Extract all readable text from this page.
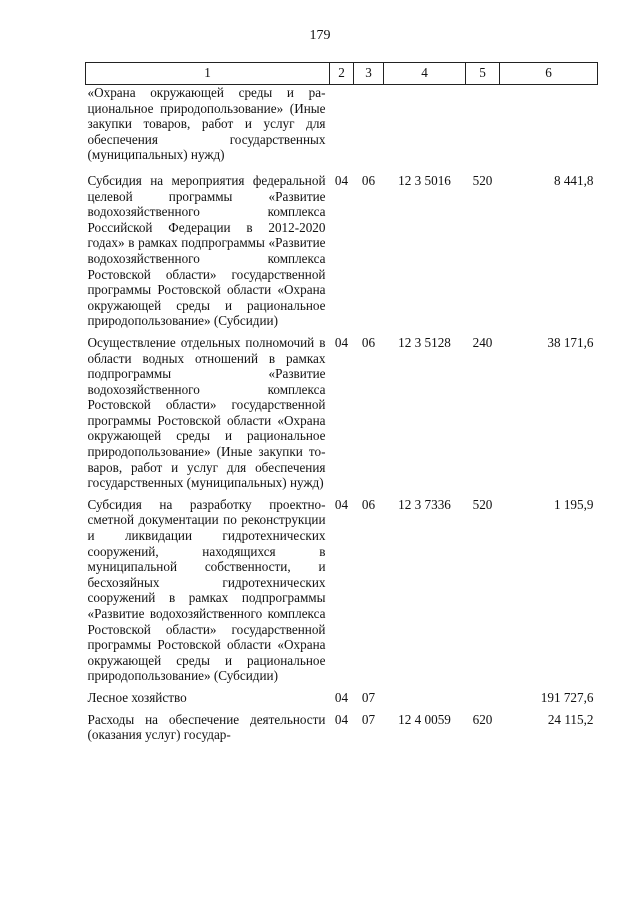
179
1	2	3	4	5	6
«Охрана окружающей среды и рациональное природопользование» (Иные закупки товаров, работ и услуг для обеспечения государственных (муниципальных) нужд)					
Субсидия на мероприятия федеральной целевой программы «Развитие водохозяйственного комплекса Российской Федерации в 2012-2020 годах» в рамках подпрограммы «Развитие водохозяйственного комплекса Ростовской области» государственной программы Ростовской области «Охрана окружающей среды и рациональное природопользование» (Субсидии)	04	06	12 3 5016	520	8 441,8
Осуществление отдельных полномочий в области водных отношений в рамках подпрограммы «Развитие водохозяйственного комплекса Ростовской области» государственной программы Ростовской области «Охрана окружающей среды и рациональное природопользование» (Иные закупки товаров, работ и услуг для обеспечения государственных (муниципальных) нужд)	04	06	12 3 5128	240	38 171,6
Субсидия на разработку проектно-сметной документации по реконструкции и ликвидации гидротехнических сооружений, находящихся в муниципальной собственности, и бесхозяйных гидротехнических сооружений в рамках подпрограммы «Развитие водохозяйственного комплекса Ростовской области» государственной программы Ростовской области «Охрана окружающей среды и рациональное природопользование» (Субсидии)	04	06	12 3 7336	520	1 195,9
Лесное хозяйство	04	07			191 727,6
Расходы на обеспечение деятельности (оказания услуг) государ-	04	07	12 4 0059	620	24 115,2
